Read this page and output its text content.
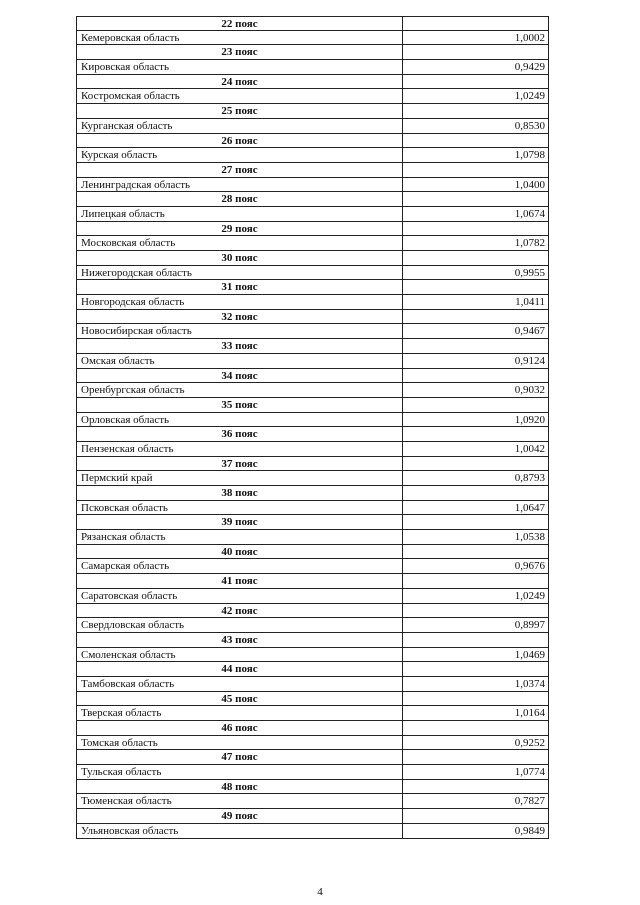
22 пояс
Кемеровская область	1,0002
23 пояс
Кировская область	0,9429
24 пояс
Костромская область	1,0249
25 пояс
Курганская область	0,8530
26 пояс
Курская область	1,0798
27 пояс
Ленинградская область	1,0400
28 пояс
Липецкая область	1,0674
29 пояс
Московская область	1,0782
30 пояс
Нижегородская область	0,9955
31 пояс
Новгородская область	1,0411
32 пояс
Новосибирская область	0,9467
33 пояс
Омская область	0,9124
34 пояс
Оренбургская область	0,9032
35 пояс
Орловская область	1,0920
36 пояс
Пензенская область	1,0042
37 пояс
Пермский край	0,8793
38 пояс
Псковская область	1,0647
39 пояс
Рязанская область	1,0538
40 пояс
Самарская область	0,9676
41 пояс
Саратовская область	1,0249
42 пояс
Свердловская область	0,8997
43 пояс
Смоленская область	1,0469
44 пояс
Тамбовская область	1,0374
45 пояс
Тверская область	1,0164
46 пояс
Томская область	0,9252
47 пояс
Тульская область	1,0774
48 пояс
Тюменская область	0,7827
49 пояс
Ульяновская область	0,9849
4
